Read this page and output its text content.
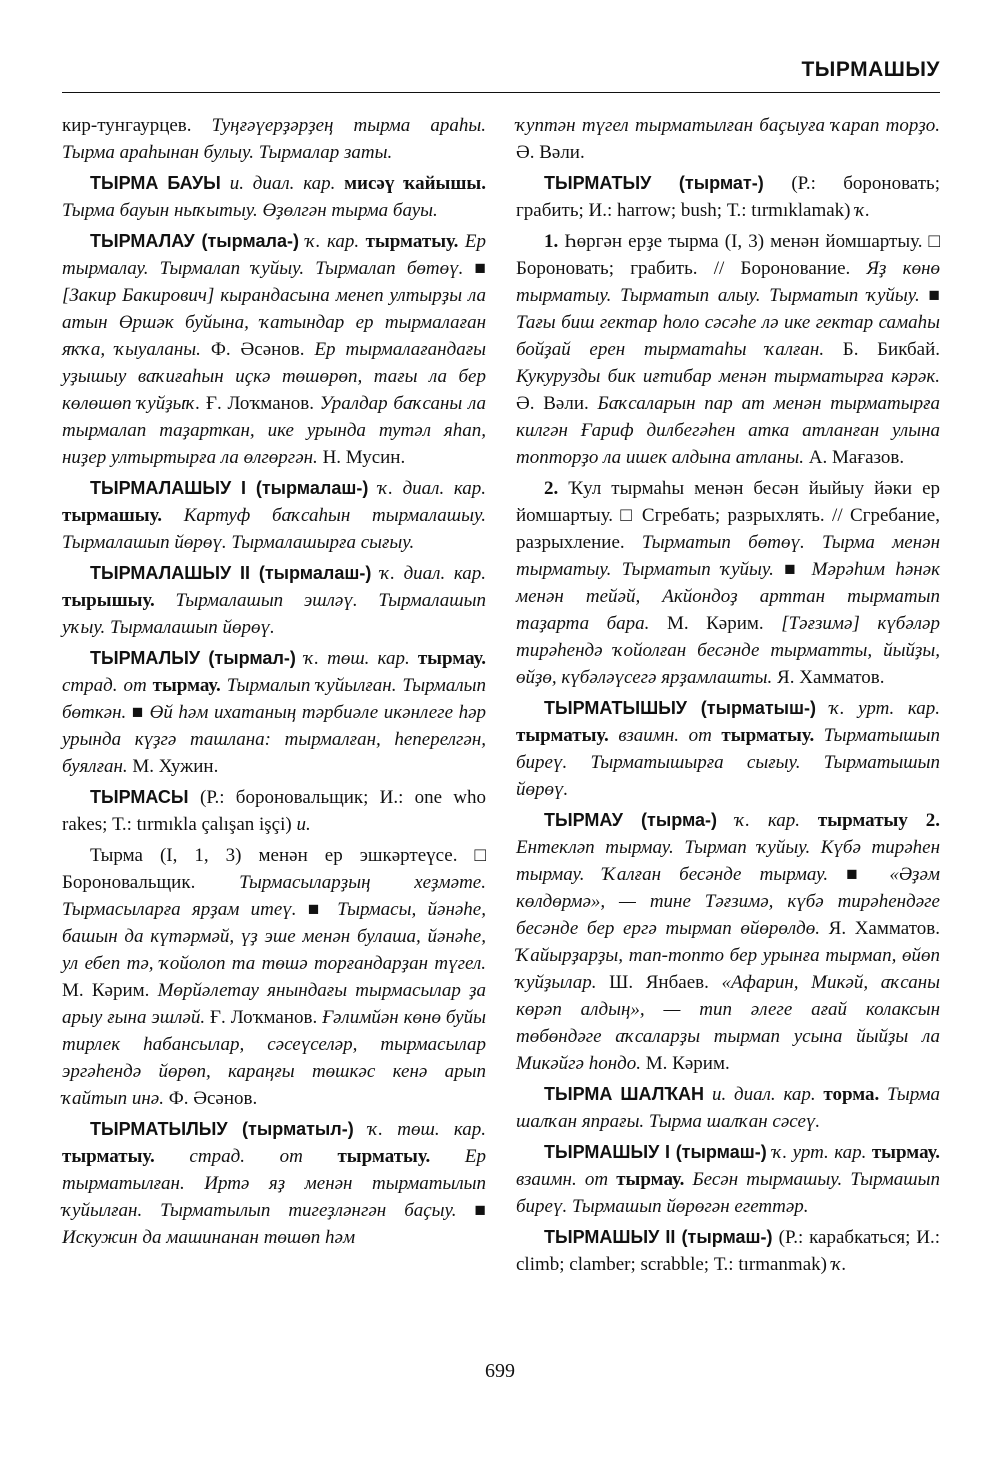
ТЫРМАШЫУ

кир-тунгаурцев. Туңғәүерҙәрҙең тырма араһы. Тырма араһынан булыу. Тырмалар заты.

ТЫРМА БАУЫ и. диал. кар. мисәү ҡайышы. Тырма бауын ныҡытыу. Өҙөлгән тырма бауы.

ТЫРМАЛАУ (тырмала-) ҡ. кар. тырматыу. Ер тырмалау. Тырмалап ҡуйыу. Тырмалап бөтөү. ■ [Закир Бакирович] кырандасына менеп ултырҙы ла атын Өршәк буйына, ҡатындар ер тырмалаған яҡҡа, ҡыуаланы. Ф. Әсәнов. Ер тырмалағандағы уҙышыу ваҡиғаһын иҫкә төшөрөп, тағы ла бер көлөшөп ҡуйҙыҡ. Ғ. Лоҡманов. Уралдар баҡсаны ла тырмалап таҙарткан, ике урында тутәл яһап, ниҙер ултыртырға ла өлгөргән. Н. Мусин.

ТЫРМАЛАШЫУ I (тырмалаш-) ҡ. диал. кар. тырмашыу. Картуф баҡсаһын тырмалашыу. Тырмалашып йөрөү. Тырмалашырға сығыу.

ТЫРМАЛАШЫУ II (тырмалаш-) ҡ. диал. кар. тырышыу. Тырмалашып эшләү. Тырмалашып уҡыу. Тырмалашып йөрөү.

ТЫРМАЛЫУ (тырмал-) ҡ. төш. кар. тырмау. страд. от тырмау. Тырмалып ҡуйылған. Тырмалып бөткән. ■ Өй һәм ихатаның тәрбиәле икәнлеге һәр урында күҙгә ташлана: тырмалған, һеперелгән, буялған. М. Хужин.

ТЫРМАСЫ (Р.: бороновальщик; И.: one who rakes; Т.: tırmıkla çalışan işçi) и.

Тырма (I, 1, 3) менән ер эшкәртеүсе. □ Бороновальщик. Тырмасыларҙың хеҙмәте. Тырмасыларға ярҙам итеү. ■ Тырмасы, йәнәһе, башын да күтәрмәй, үҙ эше менән булаша, йәнәһе, ул ебеп тә, ҡойолоп та төшә торғандарҙан түгел. М. Кәрим. Мөрйәлетау янындағы тырмасылар ҙа арыу ғына эшләй. Ғ. Лоҡманов. Ғәлимйән көнө буйы тирлек һабансылар, сәсеүселәр, тырмасылар эргәһендә йөрөп, караңғы төшкәс кенә арып ҡайтып инә. Ф. Әсәнов.

ТЫРМАТЫЛЫУ (тырматыл-) ҡ. төш. кар. тырматыу. страд. от тырматыу. Ер тырматылған. Иртә яҙ менән тырматылып ҡуйылған. Тырматылып тигеҙләнгән баҫыу. ■ Искужин да машинанан төшөп һәм

ҡуптән түгел тырматылған баҫыуға ҡарап торҙо. Ә. Вәли.

ТЫРМАТЫУ (тырмат-) (Р.: бороновать; грабить; И.: harrow; bush; Т.: tırmıklamak) ҡ.

1. Һөргән ерҙе тырма (I, 3) менән йомшартыу. □ Бороновать; грабить. // Боронование. Яҙ көнө тырматыу. Тырматып алыу. Тырматып ҡуйыу. ■ Тағы биш гектар һоло сәсәһе лә ике гектар самаһы бойҙай ерен тырматаһы ҡалған. Б. Бикбай. Кукурузды бик иғтибар менән тырматырға кәрәк. Ә. Вәли. Баҡсаларын пар ат менән тырматырға килгән Ғариф дилбегәһен атка атланған улына топторҙо ла ишек алдына атланы. А. Мағазов.

2. Ҡул тырмаһы менән бесән йыйыу йәки ер йомшартыу. □ Сгребать; разрыхлять. // Сгребание, разрыхление. Тырматып бөтөү. Тырма менән тырматыу. Тырматып ҡуйыу. ■ Мәрәһим һәнәк менән тейәй, Акйондоҙ арттан тырматып таҙарта бара. М. Кәрим. [Тәғзимә] күбәләр тирәһендә ҡойолған бесәнде тырматты, йыйҙы, өйҙө, күбәләүсегә ярҙамлашты. Я. Хамматов.

ТЫРМАТЫШЫУ (тырматыш-) ҡ. урт. кар. тырматыу. взаимн. от тырматыу. Тырматышып биреү. Тырматышырға сығыу. Тырматышып йөрөү.

ТЫРМАУ (тырма-) ҡ. кар. тырматыу 2. Ентекләп тырмау. Тырмап ҡуйыу. Күбә тирәһен тырмау. Ҡалған бесәнде тырмау. ■ «Әҙәм көлдөрмә», — тине Тәғзимә, күбә тирәһендәге бесәнде бер ергә тырмап өйөрөлдө. Я. Хамматов. Ҡайырҙарҙы, тап-топто бер урынға тырмап, өйөп ҡуйҙылар. Ш. Янбаев. «Афарин, Микәй, аҡсаны көрәп алдың», — тип әлеге ағай колаксын төбөндәге аҡсаларҙы тырмап усына йыйҙы ла Микәйгә һондо. М. Кәрим.

ТЫРМА ШАЛҠАН и. диал. кар. торма. Тырма шалҡан япрағы. Тырма шалҡан сәсеү.

ТЫРМАШЫУ I (тырмаш-) ҡ. урт. кар. тырмау. взаимн. от тырмау. Бесән тырмашыу. Тырмашып биреү. Тырмашып йөрөгән егеттәр.

ТЫРМАШЫУ II (тырмаш-) (Р.: карабкаться; И.: climb; clamber; scrabble; Т.: tırmanmak) ҡ.

699
